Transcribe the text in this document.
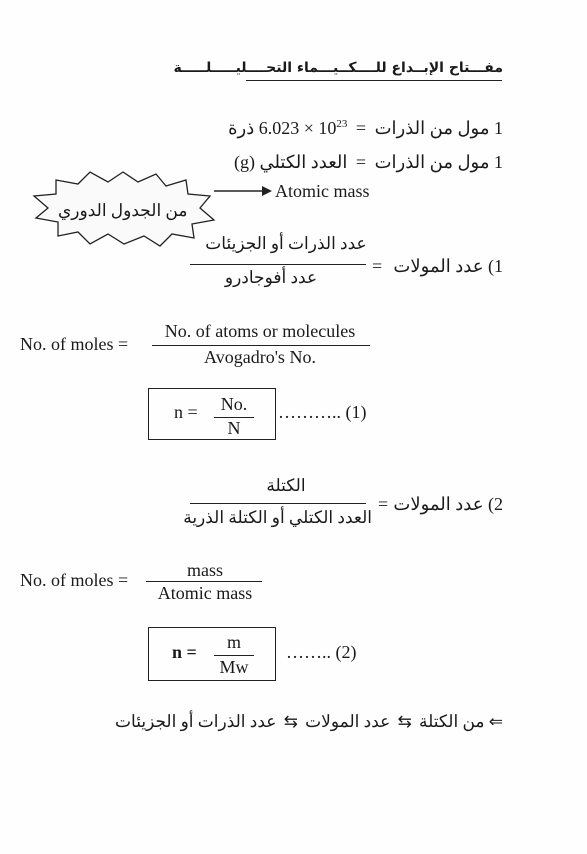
مفـــتاح الإبــداع للــــكــيـــماء التحــــليـــــلـــــة
1 مول من الذرات = $6.023 \times 10^{23}$ ذرة
1 مول من الذرات = العدد الكتلي (g)
من الجدول الدوري
Atomic mass
عدد الذرات أو الجزيئات
عدد أفوجادرو
= 1) عدد المولات
No. of moles =
No. of atoms or molecules
Avogadro's No.
n =	No.
N
……….. (1)
الكتلة
العدد الكتلي أو الكتلة الذرية
= 2) عدد المولات
No. of moles =	mass
Atomic mass
n =	m
Mw
…….. (2)
⇐ من الكتلة ⇆ عدد المولات ⇆ عدد الذرات أو الجزيئات
